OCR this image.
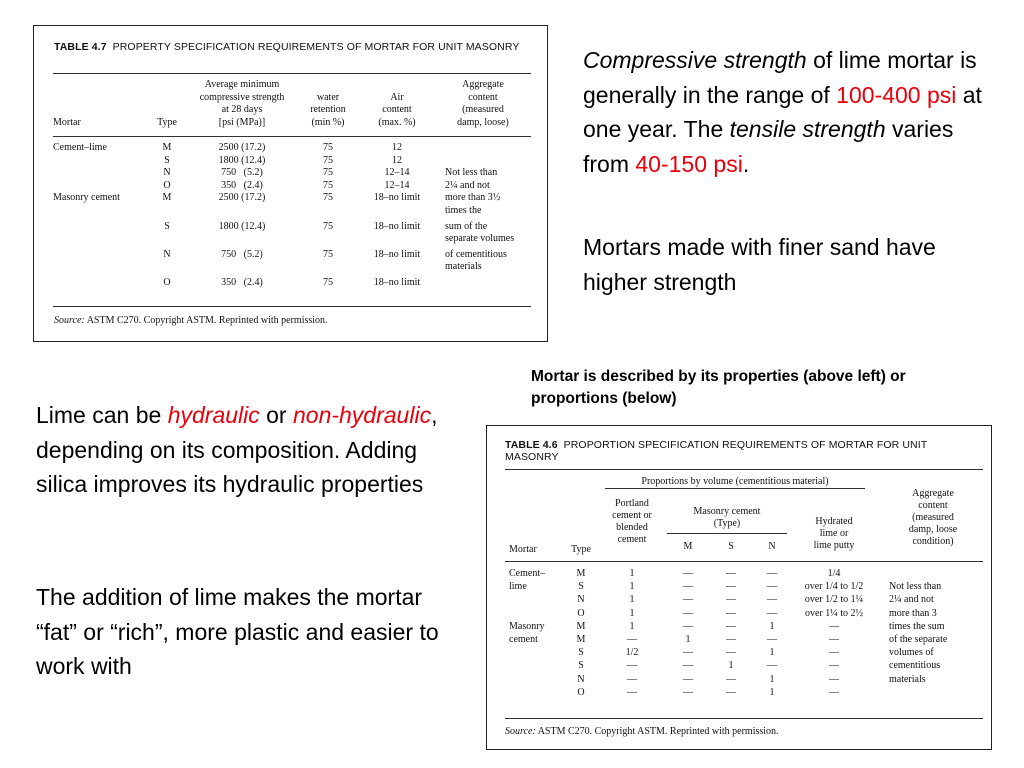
TABLE 4.7 PROPERTY SPECIFICATION REQUIREMENTS OF MORTAR FOR UNIT MASONRY
Mortar	Type	
Average minimum
compressive strength
at 28 days
[psi (MPa)]

water
retention
(min %)

Air
content
(max. %)

Aggregate
content
(measured
damp, loose)
Cement–lime	M	2500 (17.2)	75	12	
	S	1800 (12.4)	75	12	
	N	750   (5.2)	75	12–14	Not less than
	O	350   (2.4)	75	12–14	2¼ and not
Masonry cement	M	2500 (17.2)	75	18–no limit	more than 3½
					times the

	S	1800 (12.4)	75	18–no limit	sum of the
					separate volumes

	N	750   (5.2)	75	18–no limit	of cementitious
					materials

	O	350   (2.4)	75	18–no limit	
Source: ASTM C270. Copyright ASTM. Reprinted with permission.
Compressive strength of lime mortar is generally in the range of 100-400 psi at one year. The tensile strength varies from 40-150 psi.
Mortars made with finer sand have higher strength
Mortar is described by its properties (above left) or proportions (below)
Lime can be hydraulic or non-hydraulic, depending on its composition. Adding silica improves its hydraulic properties
The addition of lime makes the mortar “fat” or “rich”, more plastic and easier to work with
TABLE 4.6 PROPORTION SPECIFICATION REQUIREMENTS OF MORTAR FOR UNIT MASONRY
Proportions by volume (cementitious material)
Mortar	Type
Portland
cement or
blended
cement
Masonry cement
(Type)
M	S	N
Hydrated
lime or
lime putty
Aggregate
content
(measured
damp, loose
condition)
Cement–	M	1	—	—	—	1/4	
lime	S	1	—	—	—	over 1/4 to 1/2	Not less than
	N	1	—	—	—	over 1/2 to 1¼	2¼ and not
	O	1	—	—	—	over 1¼ to 2½	more than 3
Masonry	M	1	—	—	1	—	times the sum
cement	M	—	1	—	—	—	of the separate
	S	1/2	—	—	1	—	volumes of
	S	—	—	1	—	—	cementitious
	N	—	—	—	1	—	materials
	O	—	—	—	1	—	
Source: ASTM C270. Copyright ASTM. Reprinted with permission.
